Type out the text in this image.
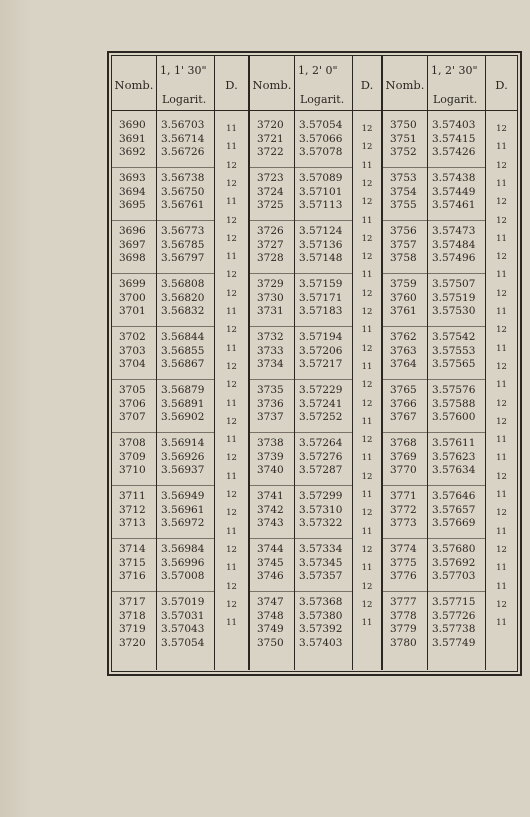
Nomb.
1, 1' 30"
Logarit.
D.
3690
3691
3692
3693
3694
3695
3696
3697
3698
3699
3700
3701
3702
3703
3704
3705
3706
3707
3708
3709
3710
3711
3712
3713
3714
3715
3716
3717
3718
3719
3720
3.56703
3.56714
3.56726
3.56738
3.56750
3.56761
3.56773
3.56785
3.56797
3.56808
3.56820
3.56832
3.56844
3.56855
3.56867
3.56879
3.56891
3.56902
3.56914
3.56926
3.56937
3.56949
3.56961
3.56972
3.56984
3.56996
3.57008
3.57019
3.57031
3.57043
3.57054
11
11
12
12
11
12
12
11
12
12
11
12
11
12
12
11
12
11
12
11
12
12
11
12
11
12
12
11
Nomb.
1, 2' 0"
Logarit.
D.
3720
3721
3722
3723
3724
3725
3726
3727
3728
3729
3730
3731
3732
3733
3734
3735
3736
3737
3738
3739
3740
3741
3742
3743
3744
3745
3746
3747
3748
3749
3750
3.57054
3.57066
3.57078
3.57089
3.57101
3.57113
3.57124
3.57136
3.57148
3.57159
3.57171
3.57183
3.57194
3.57206
3.57217
3.57229
3.57241
3.57252
3.57264
3.57276
3.57287
3.57299
3.57310
3.57322
3.57334
3.57345
3.57357
3.57368
3.57380
3.57392
3.57403
12
12
11
12
12
11
12
12
11
12
12
11
12
11
12
12
11
12
11
12
11
12
11
12
11
12
12
11
Nomb.
1, 2' 30"
Logarit.
D.
3750
3751
3752
3753
3754
3755
3756
3757
3758
3759
3760
3761
3762
3763
3764
3765
3766
3767
3768
3769
3770
3771
3772
3773
3774
3775
3776
3777
3778
3779
3780
3.57403
3.57415
3.57426
3.57438
3.57449
3.57461
3.57473
3.57484
3.57496
3.57507
3.57519
3.57530
3.57542
3.57553
3.57565
3.57576
3.57588
3.57600
3.57611
3.57623
3.57634
3.57646
3.57657
3.57669
3.57680
3.57692
3.57703
3.57715
3.57726
3.57738
3.57749
12
11
12
11
12
12
11
12
11
12
11
12
11
12
11
12
12
11
11
12
11
12
11
12
11
11
12
11
